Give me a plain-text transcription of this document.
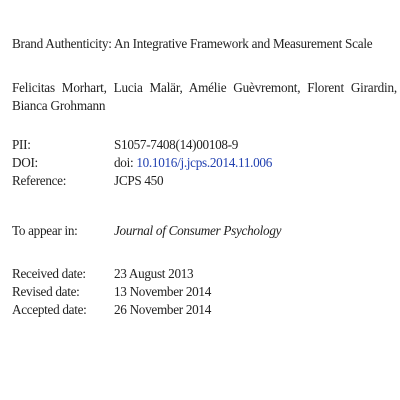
Brand Authenticity: An Integrative Framework and Measurement Scale
Felicitas Morhart, Lucia Malär, Amélie Guèvremont, Florent Girardin,
Bianca Grohmann
PII:	S1057-7408(14)00108-9
DOI:	doi: 10.1016/j.jcps.2014.11.006
Reference:	JCPS 450
To appear in:	Journal of Consumer Psychology
Received date: 23 August 2013
Revised date:	13 November 2014
Accepted date: 26 November 2014
